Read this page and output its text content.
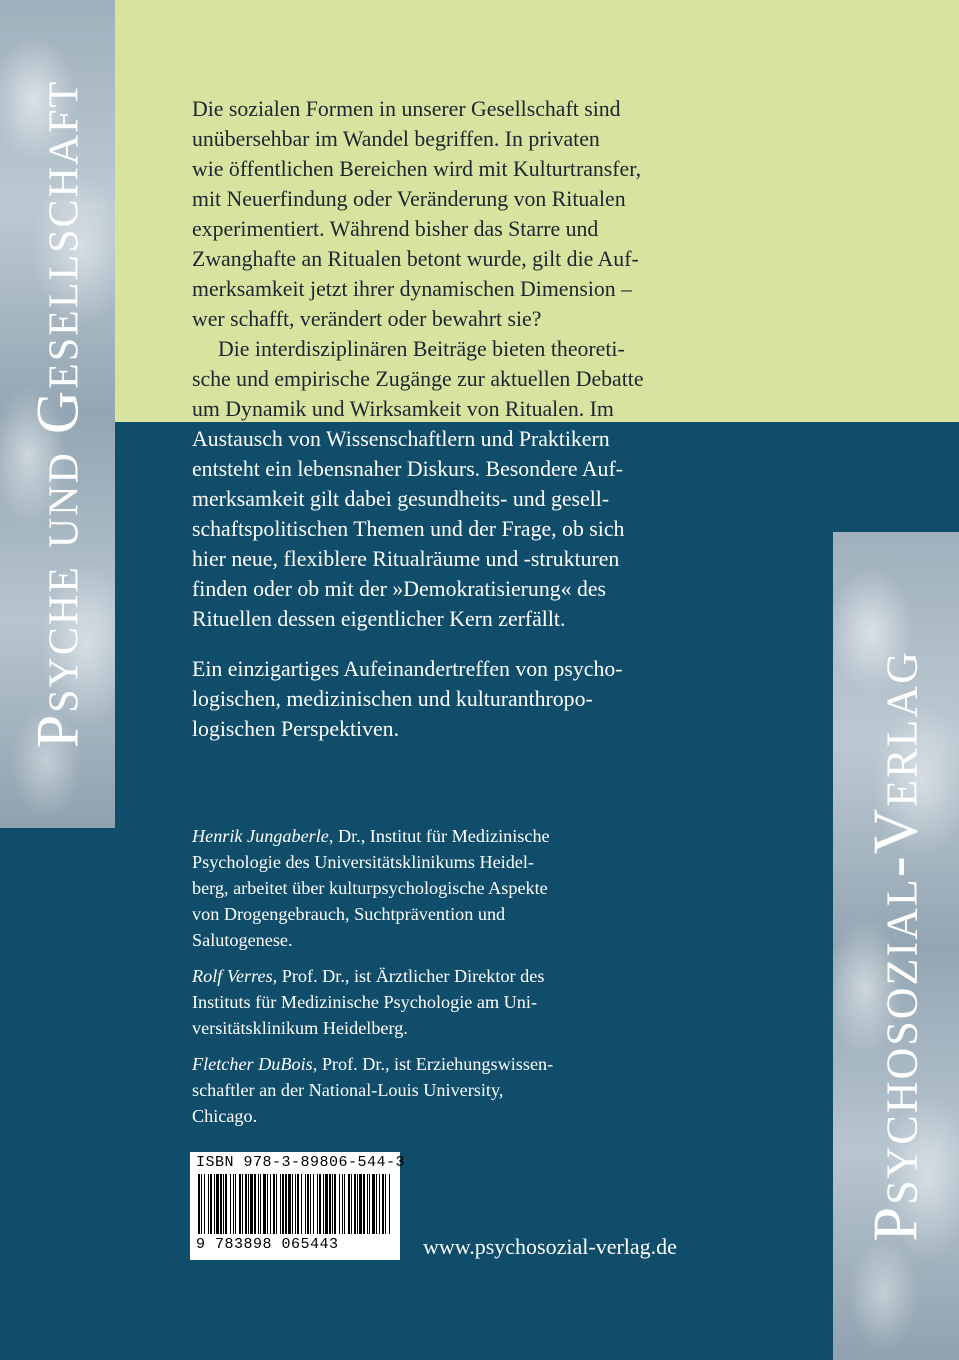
Psyche und Gesellschaft
Psychosozial-Verlag

Die sozialen Formen in unserer Gesellschaft sind
unübersehbar im Wandel begriffen. In privaten
wie öffentlichen Bereichen wird mit Kulturtransfer,
mit Neuerfindung oder Veränderung von Ritualen
experimentiert. Während bisher das Starre und
Zwanghafte an Ritualen betont wurde, gilt die Auf-
merksamkeit jetzt ihrer dynamischen Dimension –
wer schafft, verändert oder bewahrt sie?

Die interdisziplinären Beiträge bieten theoreti-
sche und empirische Zugänge zur aktuellen Debatte
um Dynamik und Wirksamkeit von Ritualen. Im
Austausch von Wissenschaftlern und Praktikern
entsteht ein lebensnaher Diskurs. Besondere Auf-
merksamkeit gilt dabei gesundheits- und gesell-
schaftspolitischen Themen und der Frage, ob sich
hier neue, flexiblere Ritualräume und -strukturen
finden oder ob mit der »Demokratisierung« des
Rituellen dessen eigentlicher Kern zerfällt.

Ein einzigartiges Aufeinandertreffen von psycho-
logischen, medizinischen und kulturanthropo-
logischen Perspektiven.

Henrik Jungaberle, Dr., Institut für Medizinische
Psychologie des Universitätsklinikums Heidel-
berg, arbeitet über kulturpsychologische Aspekte
von Drogengebrauch, Suchtprävention und
Salutogenese.

Rolf Verres, Prof. Dr., ist Ärztlicher Direktor des
Instituts für Medizinische Psychologie am Uni-
versitätsklinikum Heidelberg.

Fletcher DuBois, Prof. Dr., ist Erziehungswissen-
schaftler an der National-Louis University,
Chicago.

ISBN 978-3-89806-544-3
9 783898 065443	www.psychosozial-verlag.de
